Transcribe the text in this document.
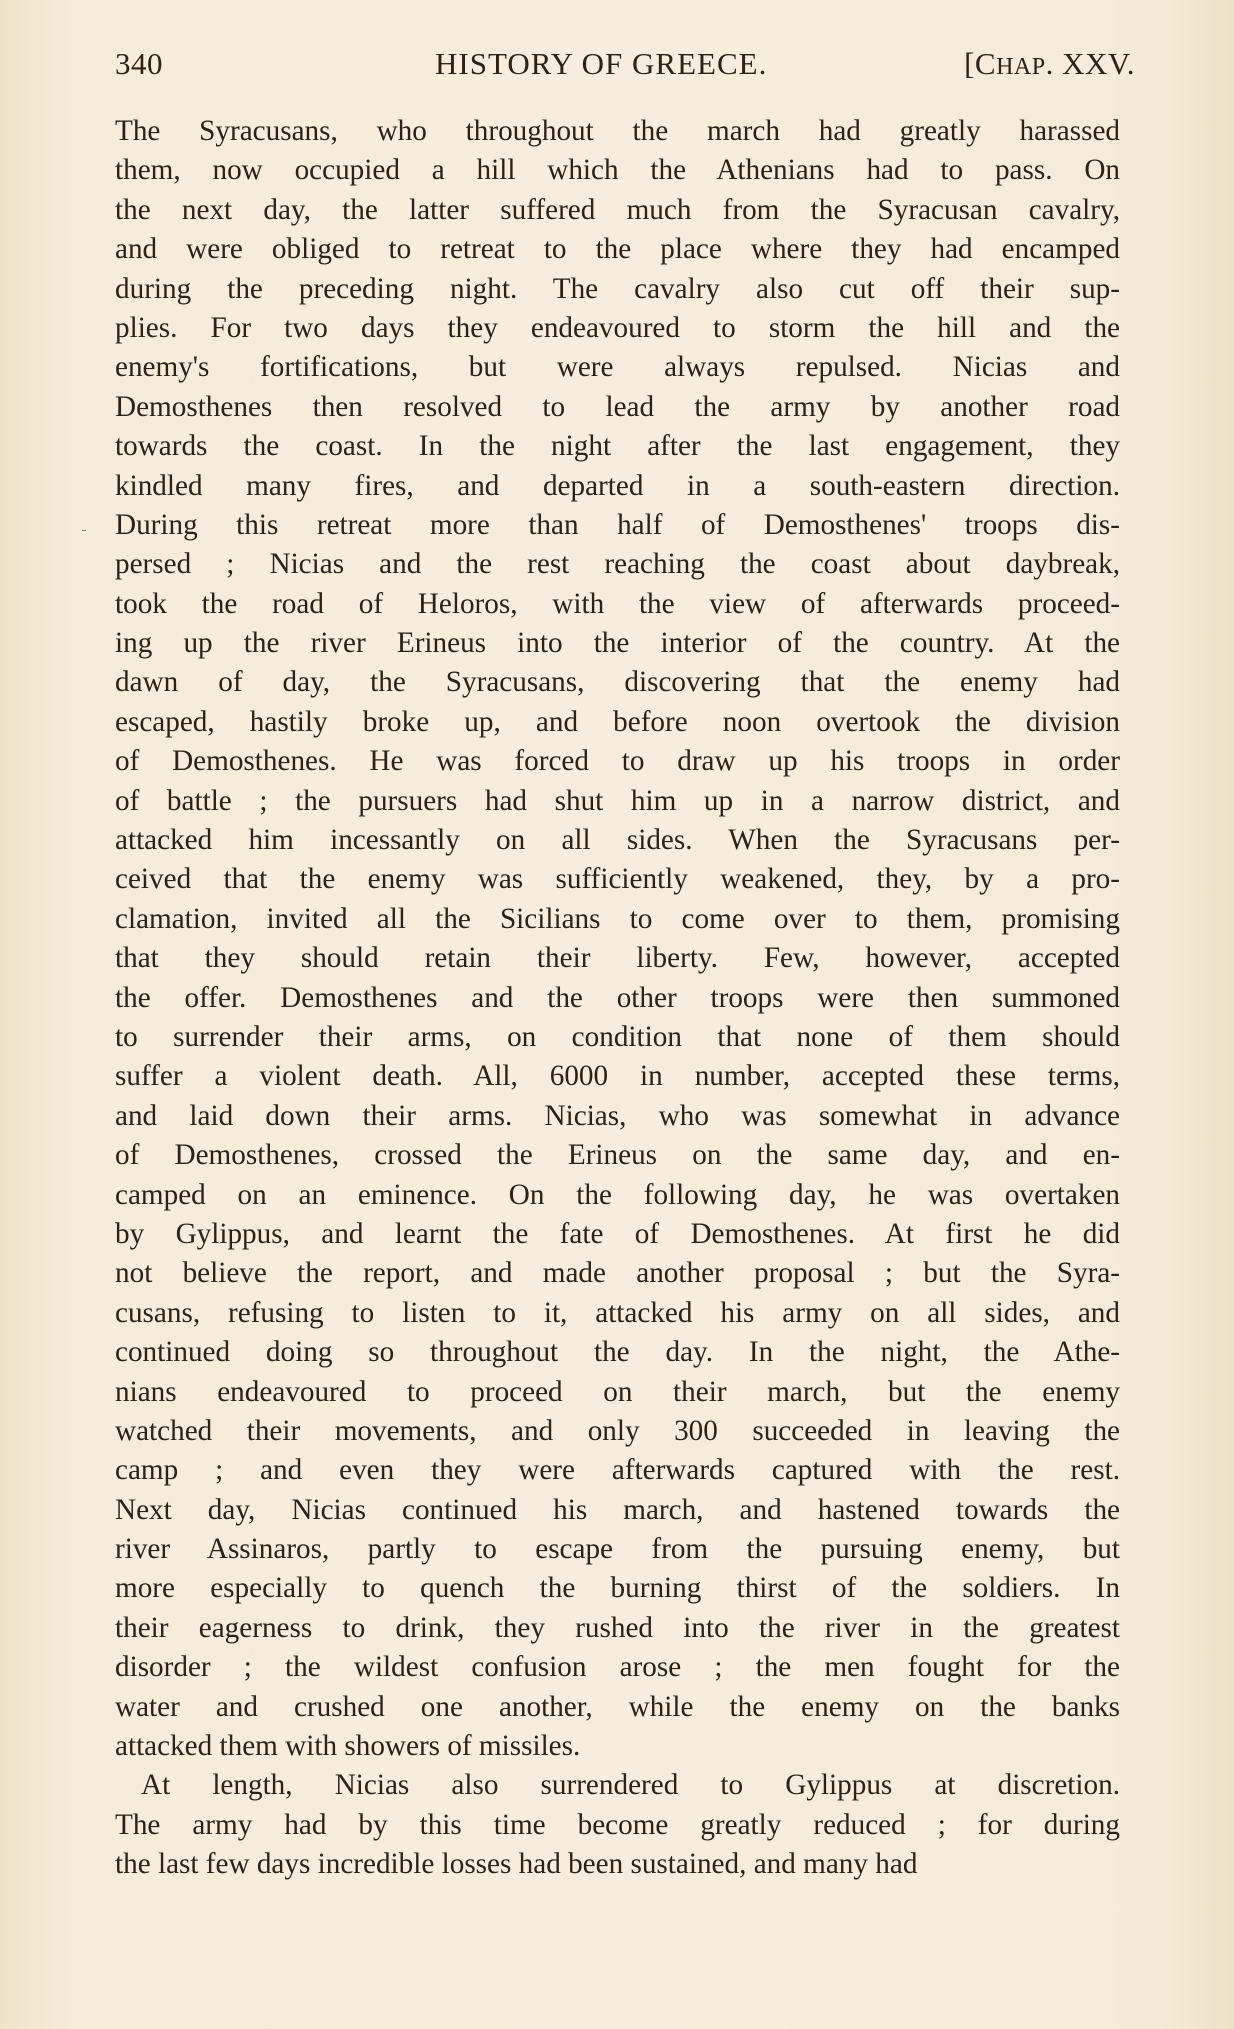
340	HISTORY OF GREECE.	[CHAP. XXV.
The Syracusans, who throughout the march had greatly harassed
them, now occupied a hill which the Athenians had to pass. On
the next day, the latter suffered much from the Syracusan cavalry,
and were obliged to retreat to the place where they had encamped
during the preceding night. The cavalry also cut off their sup-
plies. For two days they endeavoured to storm the hill and the
enemy's fortifications, but were always repulsed. Nicias and
Demosthenes then resolved to lead the army by another road
towards the coast. In the night after the last engagement, they
kindled many fires, and departed in a south-eastern direction.
During this retreat more than half of Demosthenes' troops dis-
persed ; Nicias and the rest reaching the coast about daybreak,
took the road of Heloros, with the view of afterwards proceed-
ing up the river Erineus into the interior of the country. At the
dawn of day, the Syracusans, discovering that the enemy had
escaped, hastily broke up, and before noon overtook the division
of Demosthenes. He was forced to draw up his troops in order
of battle ; the pursuers had shut him up in a narrow district, and
attacked him incessantly on all sides. When the Syracusans per-
ceived that the enemy was sufficiently weakened, they, by a pro-
clamation, invited all the Sicilians to come over to them, promising
that they should retain their liberty. Few, however, accepted
the offer. Demosthenes and the other troops were then summoned
to surrender their arms, on condition that none of them should
suffer a violent death. All, 6000 in number, accepted these terms,
and laid down their arms. Nicias, who was somewhat in advance
of Demosthenes, crossed the Erineus on the same day, and en-
camped on an eminence. On the following day, he was overtaken
by Gylippus, and learnt the fate of Demosthenes. At first he did
not believe the report, and made another proposal ; but the Syra-
cusans, refusing to listen to it, attacked his army on all sides, and
continued doing so throughout the day. In the night, the Athe-
nians endeavoured to proceed on their march, but the enemy
watched their movements, and only 300 succeeded in leaving the
camp ; and even they were afterwards captured with the rest.
Next day, Nicias continued his march, and hastened towards the
river Assinaros, partly to escape from the pursuing enemy, but
more especially to quench the burning thirst of the soldiers. In
their eagerness to drink, they rushed into the river in the greatest
disorder ; the wildest confusion arose ; the men fought for the
water and crushed one another, while the enemy on the banks
attacked them with showers of missiles.
At length, Nicias also surrendered to Gylippus at discretion.
The army had by this time become greatly reduced ; for during
the last few days incredible losses had been sustained, and many had
